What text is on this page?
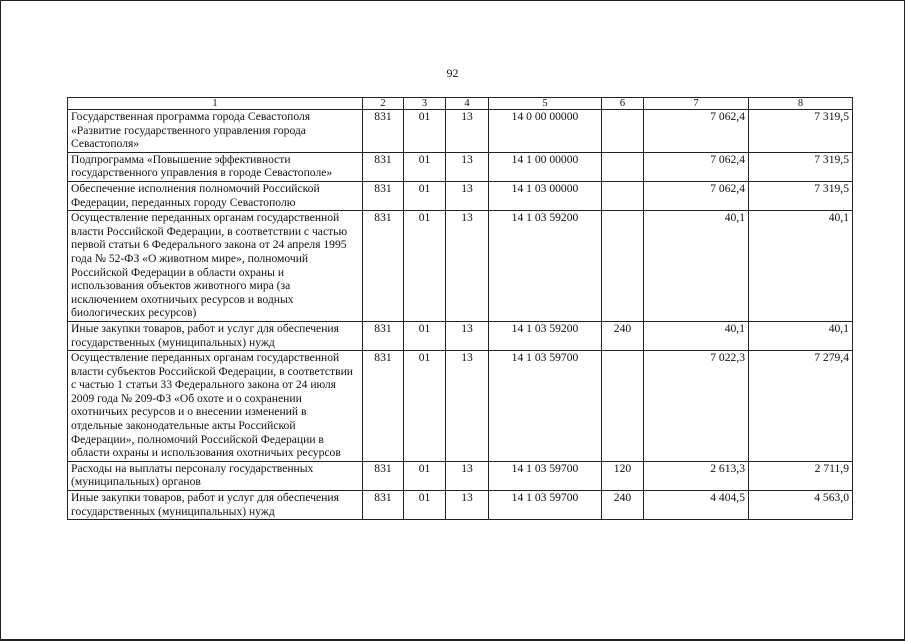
92
1	2	3	4	5	6	7	8
Государственная программа города Севастополя «Развитие государственного управления города Севастополя»	831	01	13	14 0 00 00000		7 062,4	7 319,5
Подпрограмма «Повышение эффективности государственного управления в городе Севастополе»	831	01	13	14 1 00 00000		7 062,4	7 319,5
Обеспечение исполнения полномочий Российской Федерации, переданных городу Севастополю	831	01	13	14 1 03 00000		7 062,4	7 319,5
Осуществление переданных органам государственной власти Российской Федерации, в соответствии с частью первой статьи 6 Федерального закона от 24 апреля 1995 года № 52-ФЗ «О животном мире», полномочий Российской Федерации в области охраны и использования объектов животного мира (за исключением охотничьих ресурсов и водных биологических ресурсов)	831	01	13	14 1 03 59200		40,1	40,1
Иные закупки товаров, работ и услуг для обеспечения государственных (муниципальных) нужд	831	01	13	14 1 03 59200	240	40,1	40,1
Осуществление переданных органам государственной власти субъектов Российской Федерации, в соответствии с частью 1 статьи 33 Федерального закона от 24 июля 2009 года № 209-ФЗ «Об охоте и о сохранении охотничьих ресурсов и о внесении изменений в отдельные законодательные акты Российской Федерации», полномочий Российской Федерации в области охраны и использования охотничьих ресурсов	831	01	13	14 1 03 59700		7 022,3	7 279,4
Расходы на выплаты персоналу государственных (муниципальных) органов	831	01	13	14 1 03 59700	120	2 613,3	2 711,9
Иные закупки товаров, работ и услуг для обеспечения государственных (муниципальных) нужд	831	01	13	14 1 03 59700	240	4 404,5	4 563,0
